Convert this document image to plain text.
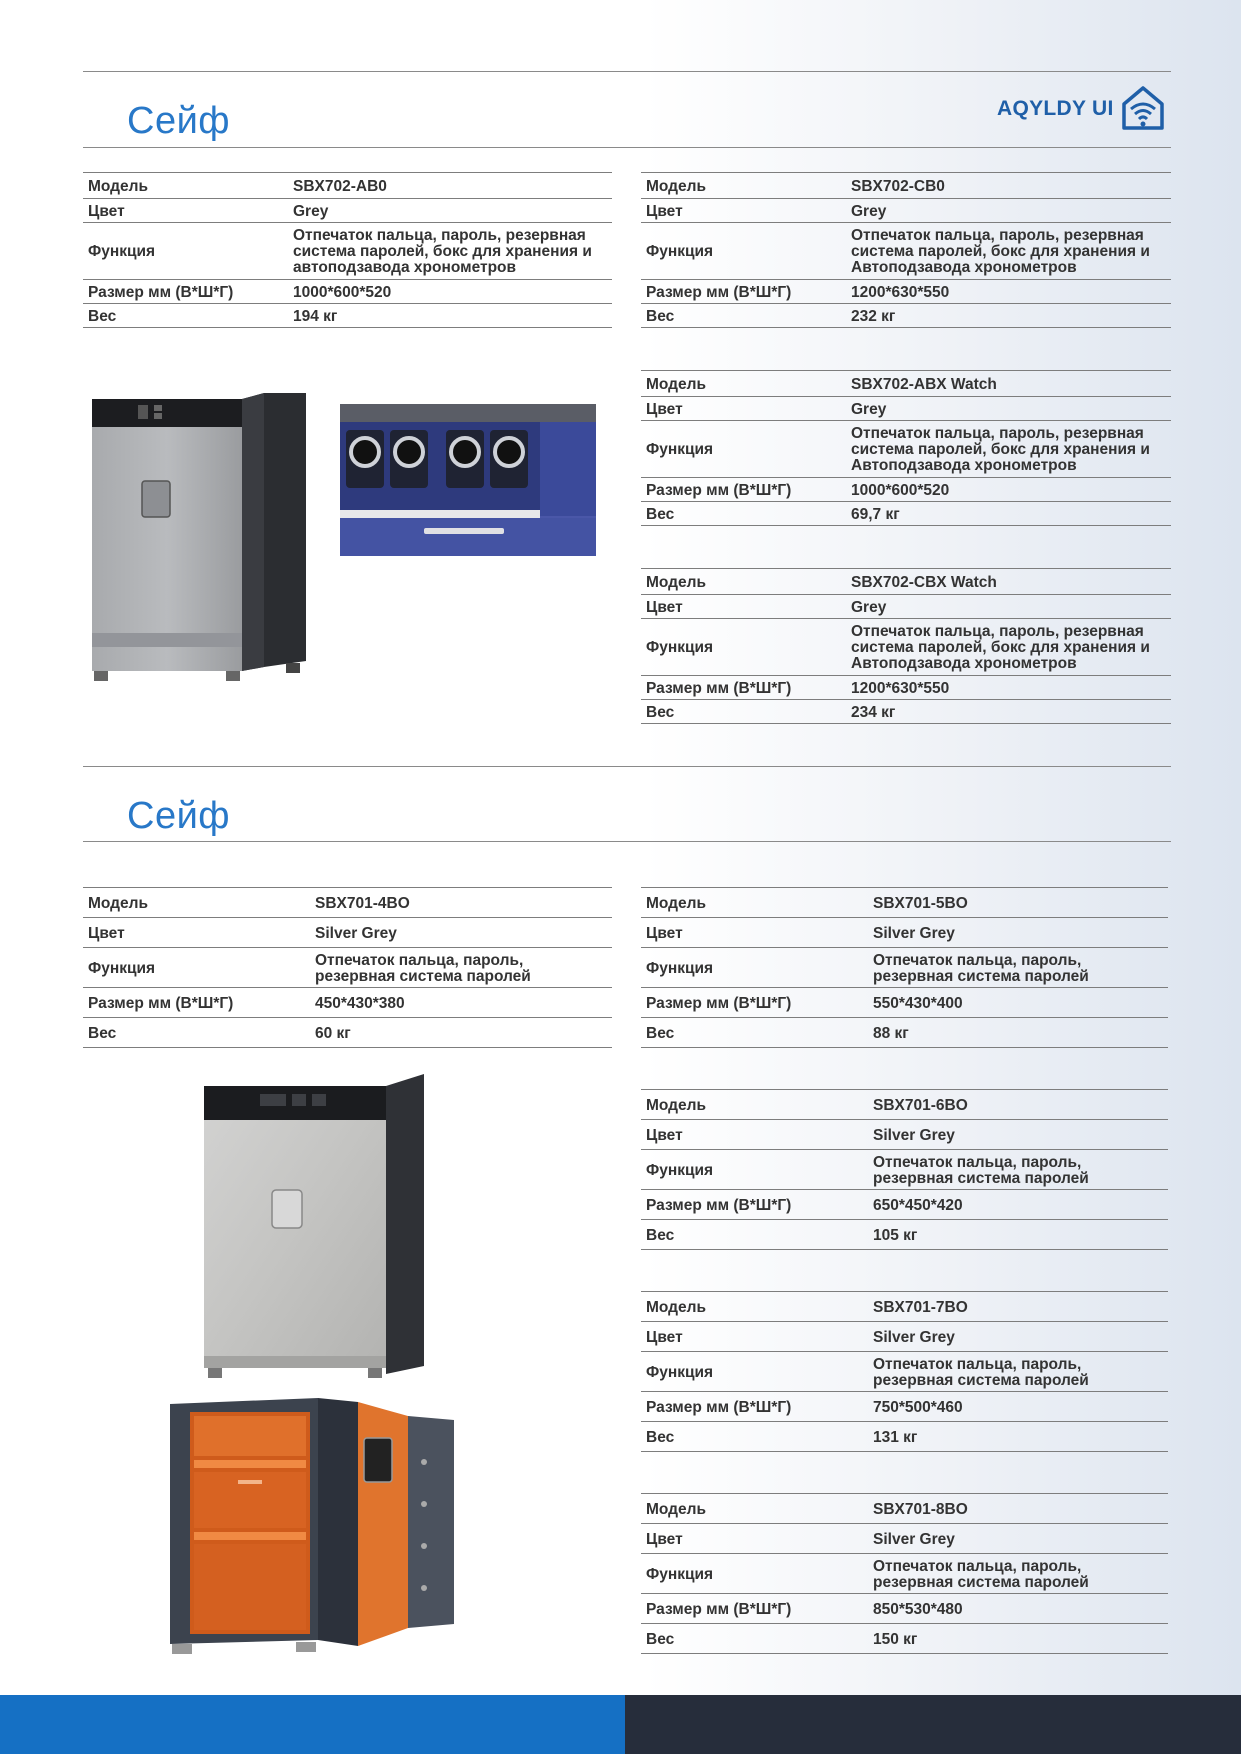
Сейф	AQYLDY UI
Модель	SBX702-AB0
Цвет	Grey
Функция	Отпечаток пальца, пароль, резервная система паролей, бокс для хранения и автоподзавода хронометров
Размер мм (В*Ш*Г)	1000*600*520
Вес	194 кг
Модель	SBX702-CB0
Цвет	Grey
Функция	Отпечаток пальца, пароль, резервная система паролей, бокс для хранения и Автоподзавода хронометров
Размер мм (В*Ш*Г)	1200*630*550
Вес	232 кг
Модель	SBX702-ABX Watch
Цвет	Grey
Функция	Отпечаток пальца, пароль, резервная система паролей, бокс для хранения и Автоподзавода хронометров
Размер мм (В*Ш*Г)	1000*600*520
Вес	69,7 кг
Модель	SBX702-CBX Watch
Цвет	Grey
Функция	Отпечаток пальца, пароль, резервная система паролей, бокс для хранения и Автоподзавода хронометров
Размер мм (В*Ш*Г)	1200*630*550
Вес	234 кг
Сейф
Модель	SBX701-4BO
Цвет	Silver Grey
Функция	Отпечаток пальца, пароль, резервная система паролей
Размер мм (В*Ш*Г)	450*430*380
Вес	60 кг
Модель	SBX701-5BO
Цвет	Silver Grey
Функция	Отпечаток пальца, пароль, резервная система паролей
Размер мм (В*Ш*Г)	550*430*400
Вес	88 кг
Модель	SBX701-6BO
Цвет	Silver Grey
Функция	Отпечаток пальца, пароль, резервная система паролей
Размер мм (В*Ш*Г)	650*450*420
Вес	105 кг
Модель	SBX701-7BO
Цвет	Silver Grey
Функция	Отпечаток пальца, пароль, резервная система паролей
Размер мм (В*Ш*Г)	750*500*460
Вес	131 кг
Модель	SBX701-8BO
Цвет	Silver Grey
Функция	Отпечаток пальца, пароль, резервная система паролей
Размер мм (В*Ш*Г)	850*530*480
Вес	150 кг
